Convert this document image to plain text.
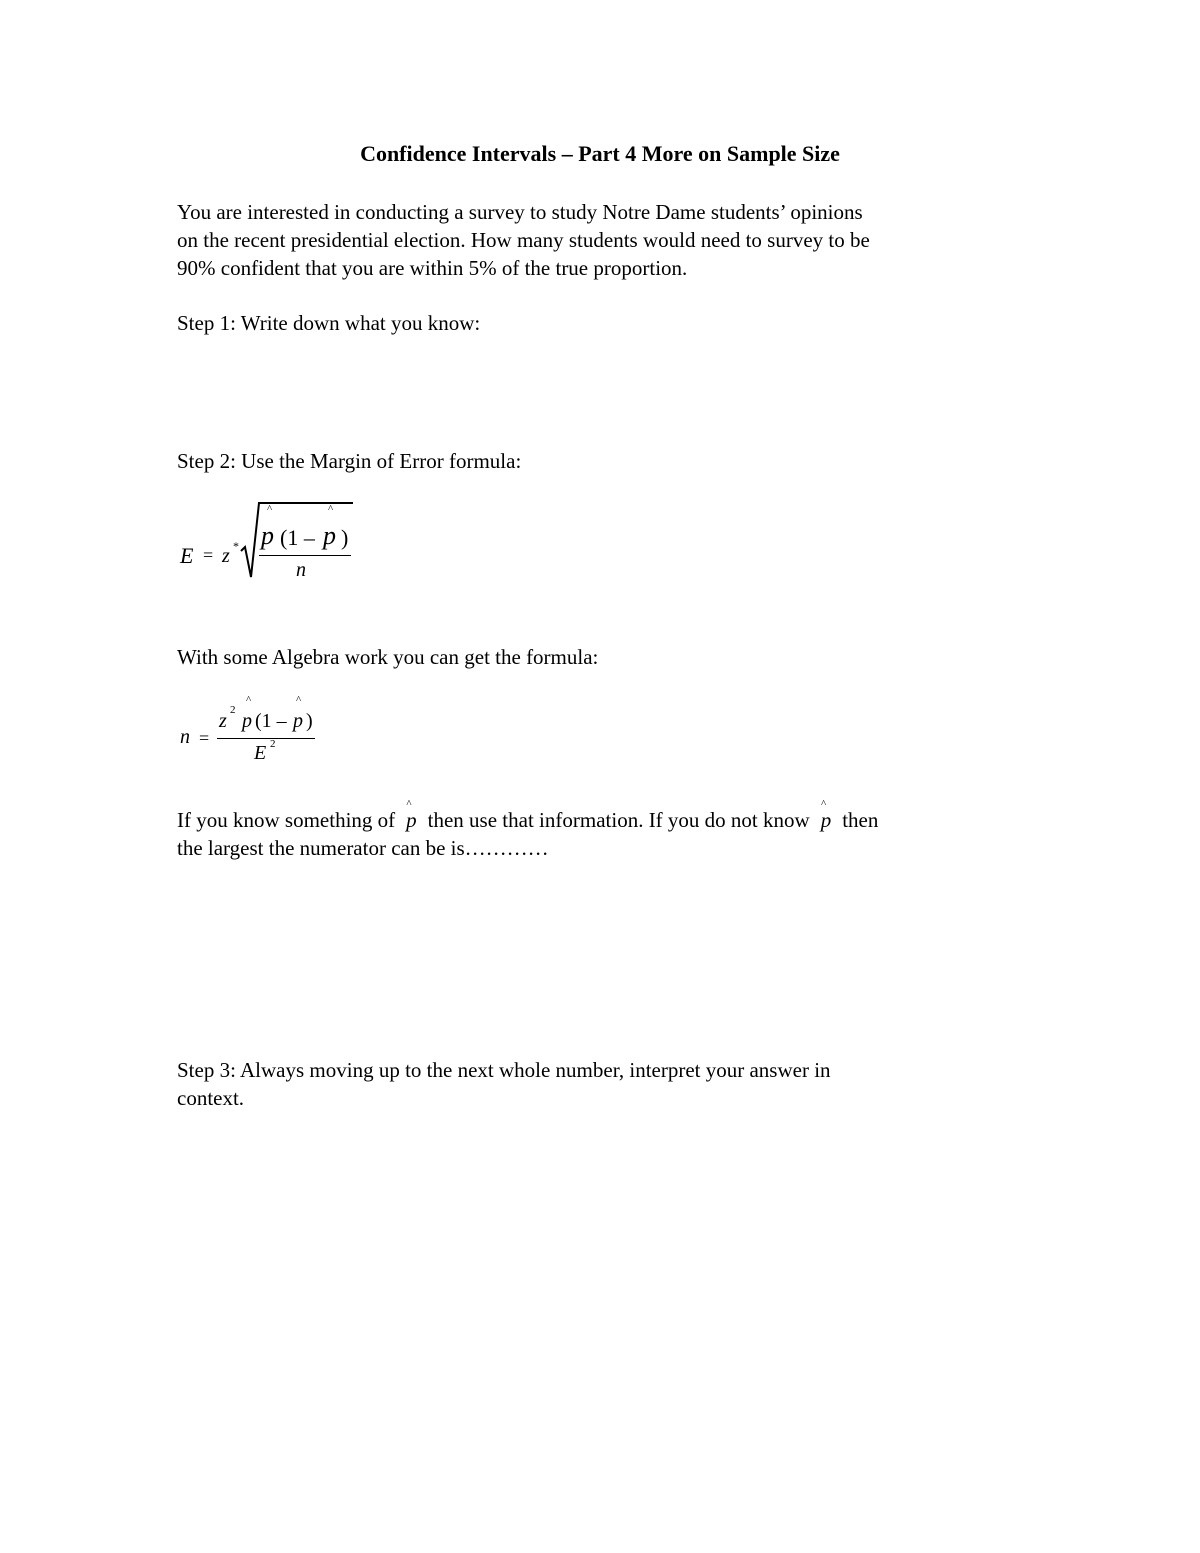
Confidence Intervals – Part 4 More on Sample Size
You are interested in conducting a survey to study Notre Dame students’ opinions
on the recent presidential election. How many students would need to survey to be
90% confident that you are within 5% of the true proportion.
Step 1: Write down what you know:
Step 2: Use the Margin of Error formula:
E = z *
^	^
p (1 – p )
n
With some Algebra work you can get the formula:
n =
z 2
^	^
p (1 – p )
E 2
If you know something of
^
p then use that information. If you do not know
^
p then
the largest the numerator can be is…………
Step 3: Always moving up to the next whole number, interpret your answer in
context.
